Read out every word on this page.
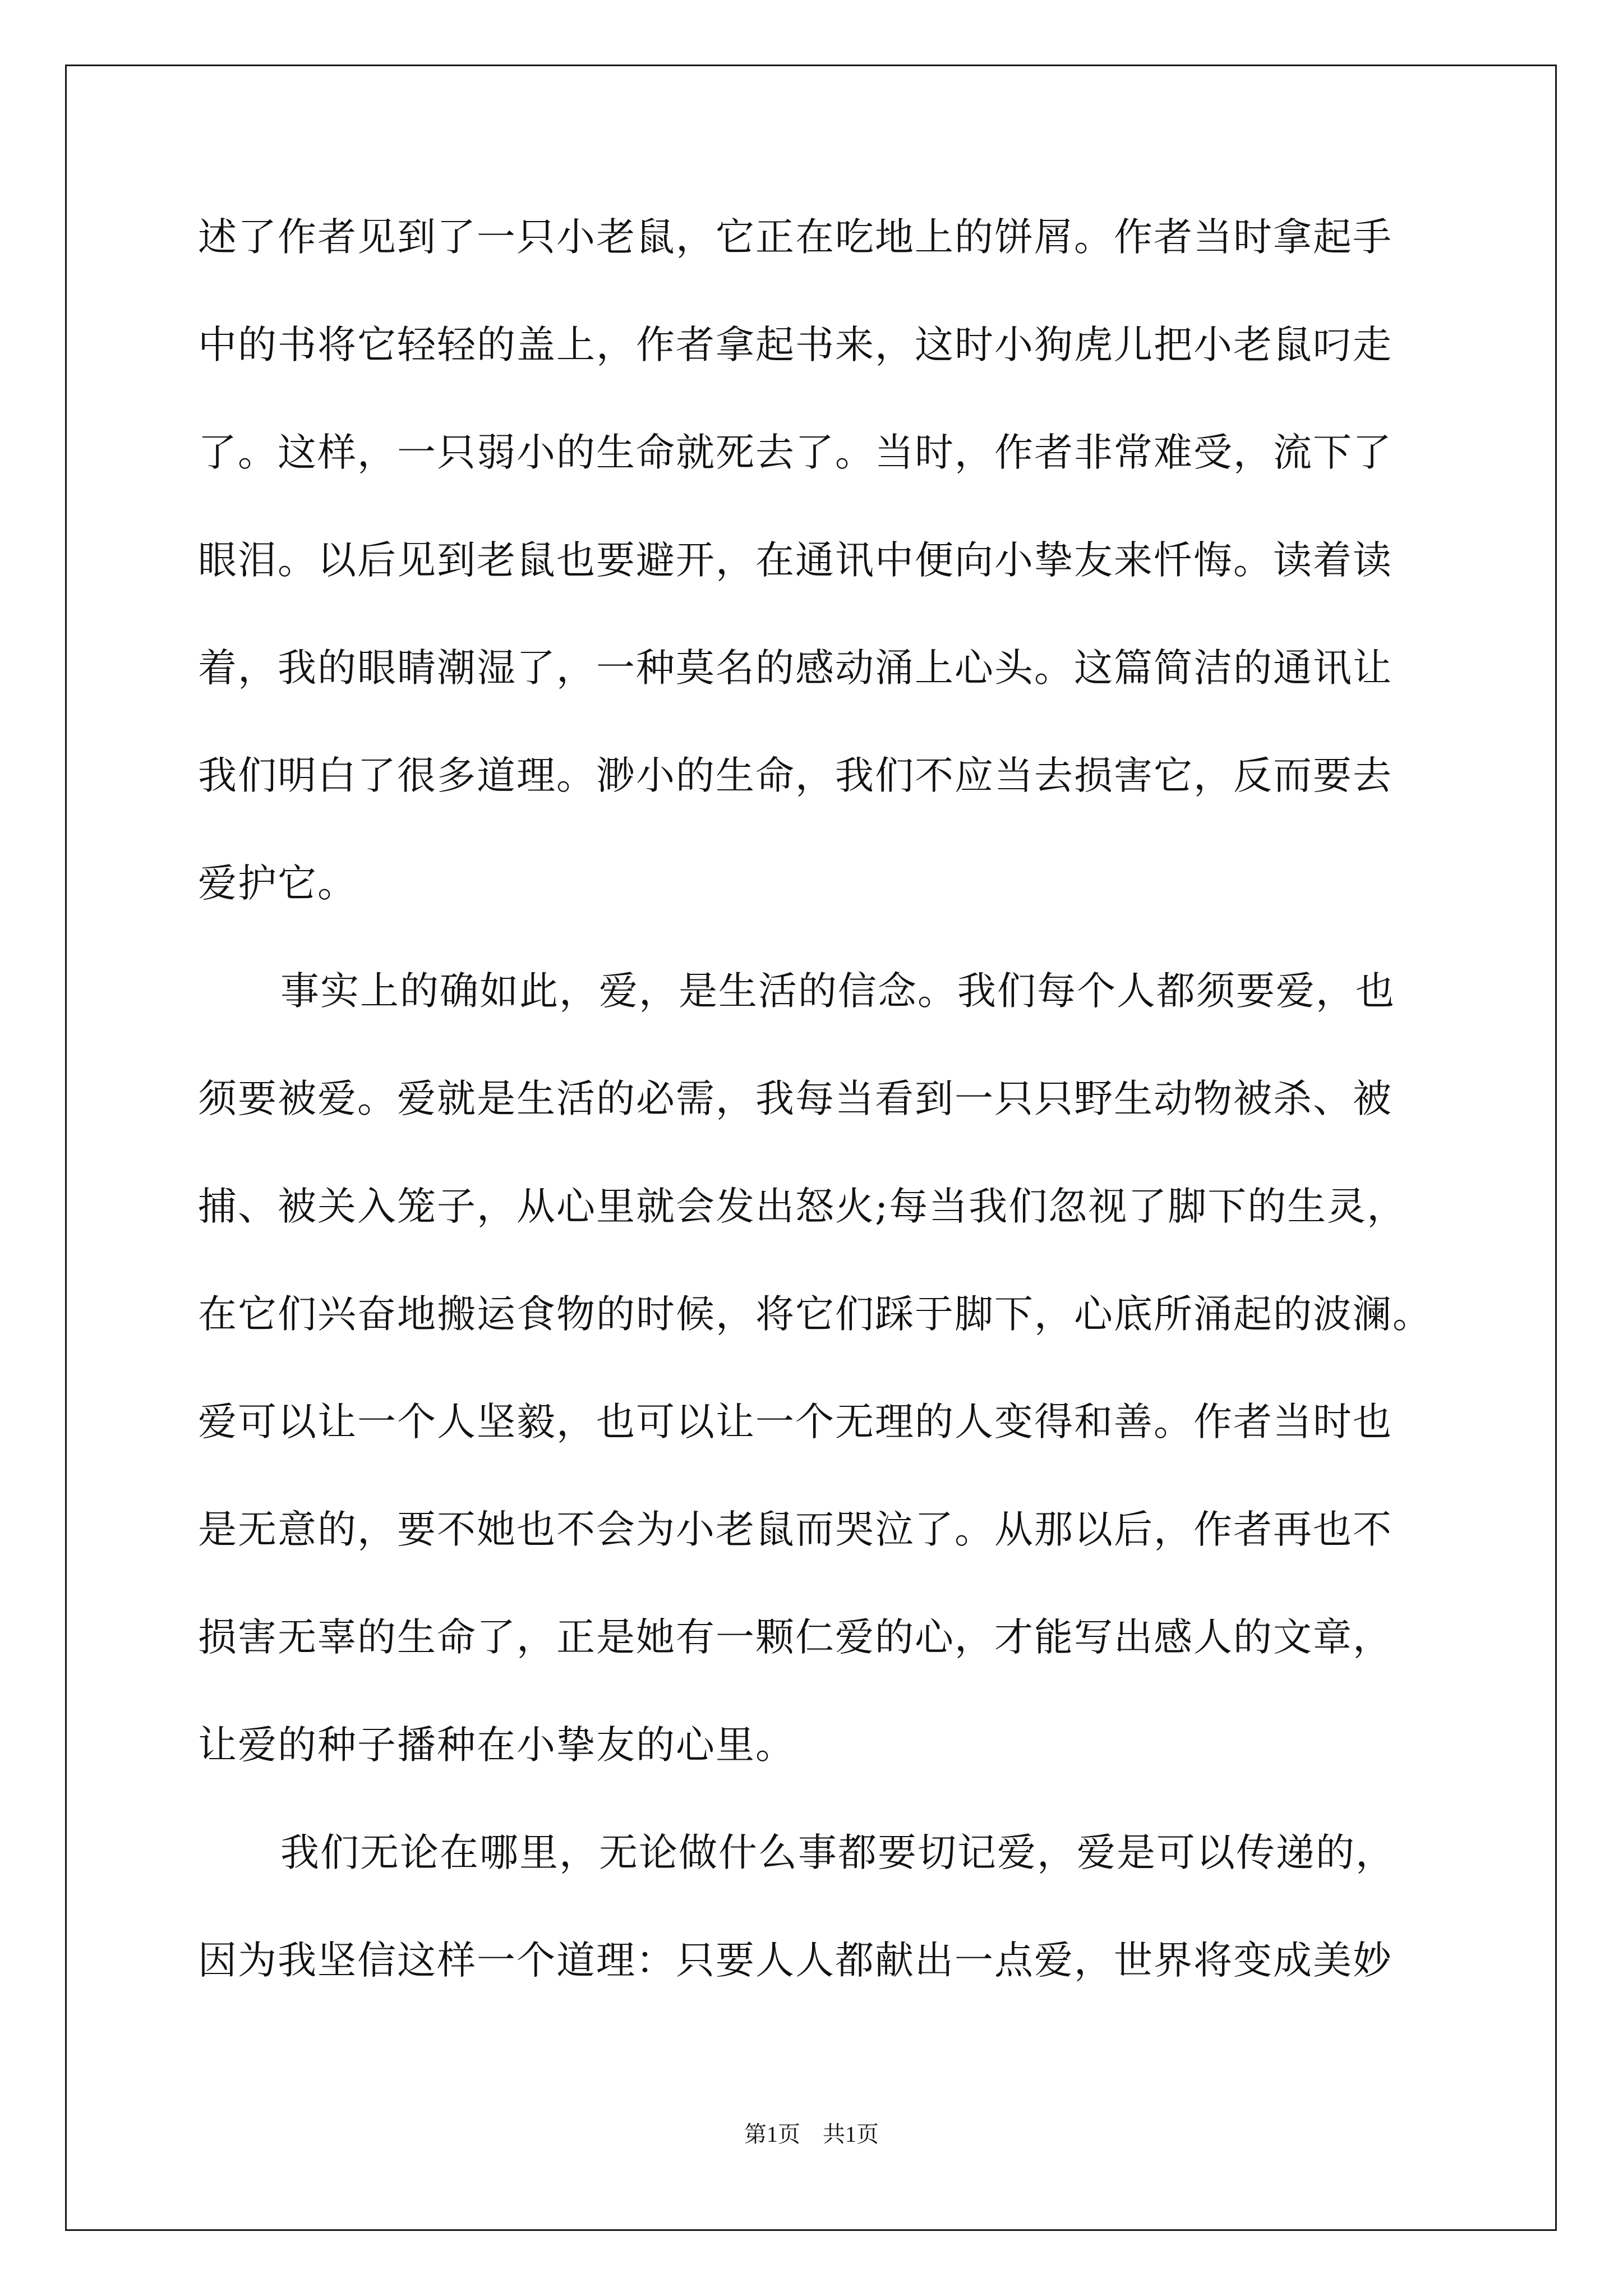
述了作者见到了一只小老鼠，它正在吃地上的饼屑。作者当时拿起手
中的书将它轻轻的盖上，作者拿起书来，这时小狗虎儿把小老鼠叼走
了。这样，一只弱小的生命就死去了。当时，作者非常难受，流下了
眼泪。以后见到老鼠也要避开，在通讯中便向小挚友来忏悔。读着读
着，我的眼睛潮湿了，一种莫名的感动涌上心头。这篇简洁的通讯让
我们明白了很多道理。渺小的生命，我们不应当去损害它，反而要去
爱护它。
事实上的确如此，爱，是生活的信念。我们每个人都须要爱，也
须要被爱。爱就是生活的必需，我每当看到一只只野生动物被杀、被
捕、被关入笼子，从心里就会发出怒火;每当我们忽视了脚下的生灵，
在它们兴奋地搬运食物的时候，将它们踩于脚下，心底所涌起的波澜。
爱可以让一个人坚毅，也可以让一个无理的人变得和善。作者当时也
是无意的，要不她也不会为小老鼠而哭泣了。从那以后，作者再也不
损害无辜的生命了，正是她有一颗仁爱的心，才能写出感人的文章，
让爱的种子播种在小挚友的心里。
我们无论在哪里，无论做什么事都要切记爱，爱是可以传递的，
因为我坚信这样一个道理：只要人人都献出一点爱，世界将变成美妙
第1页　共1页
